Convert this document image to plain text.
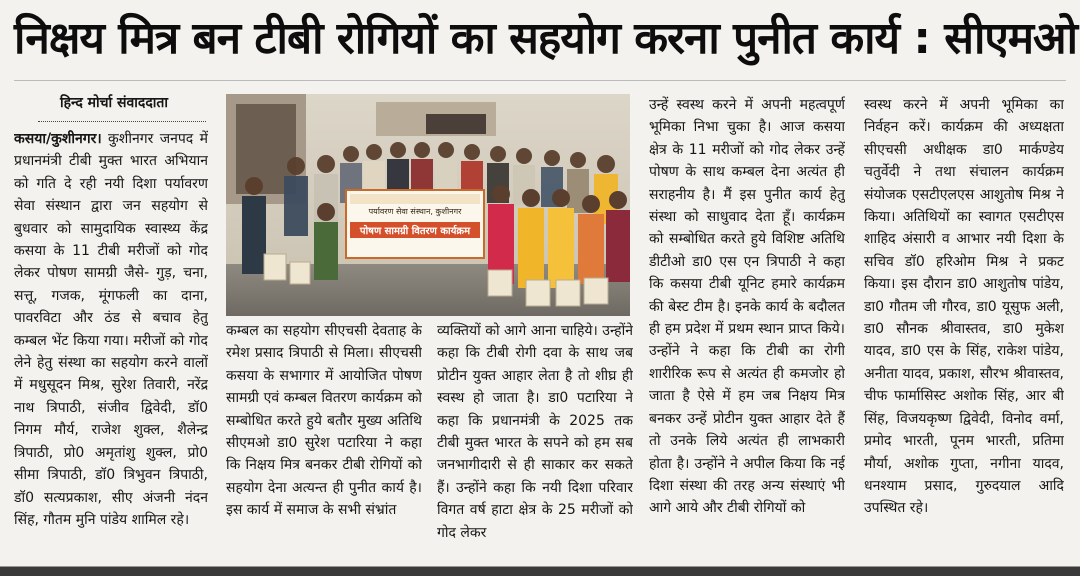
निक्षय मित्र बन टीबी रोगियों का सहयोग करना पुनीत कार्य : सीएमओ
हिन्द मोर्चा संवाददाता

कसया/कुशीनगर। कुशीनगर जनपद में प्रधानमंत्री टीबी मुक्त भारत अभियान को गति दे रही नयी दिशा पर्यावरण सेवा संस्थान द्वारा जन सहयोग से बुधवार को सामुदायिक स्वास्थ्य केंद्र कसया के 11 टीबी मरीजों को गोद लेकर पोषण सामग्री जैसे- गुड़, चना, सत्तू, गजक, मूंगफली का दाना, पावरविटा और ठंड से बचाव हेतु कम्बल भेंट किया गया। मरीजों को गोद लेने हेतु संस्था का सहयोग करने वालों में मधुसूदन मिश्र, सुरेश तिवारी, नरेंद्र नाथ त्रिपाठी, संजीव द्विवेदी, डॉ0 निगम मौर्य, राजेश शुक्ल, शैलेन्द्र त्रिपाठी, प्रो0 अमृतांशु शुक्ल, प्रो0 सीमा त्रिपाठी, डॉ0 त्रिभुवन त्रिपाठी, डॉ0 सत्यप्रकाश, सीए अंजनी नंदन सिंह, गौतम मुनि पांडेय शामिल रहे।

पर्यावरण सेवा संस्थान, कुशीनगर
पोषण सामग्री वितरण कार्यक्रम

कम्बल का सहयोग सीएचसी देवताह के रमेश प्रसाद त्रिपाठी से मिला। सीएचसी कसया के सभागार में आयोजित पोषण सामग्री एवं कम्बल वितरण कार्यक्रम को सम्बोधित करते हुये बतौर मुख्य अतिथि सीएमओ डा0 सुरेश पटारिया ने कहा कि निक्षय मित्र बनकर टीबी रोगियों को सहयोग देना अत्यन्त ही पुनीत कार्य है। इस कार्य में समाज के सभी संभ्रांत

व्यक्तियों को आगे आना चाहिये। उन्होंने कहा कि टीबी रोगी दवा के साथ जब प्रोटीन युक्त आहार लेता है तो शीघ्र ही स्वस्थ हो जाता है। डा0 पटारिया ने कहा कि प्रधानमंत्री के 2025 तक टीबी मुक्त भारत के सपने को हम सब जनभागीदारी से ही साकार कर सकते हैं। उन्होंने कहा कि नयी दिशा परिवार विगत वर्ष हाटा क्षेत्र के 25 मरीजों को गोद लेकर

उन्हें स्वस्थ करने में अपनी महत्वपूर्ण भूमिका निभा चुका है। आज कसया क्षेत्र के 11 मरीजों को गोद लेकर उन्हें पोषण के साथ कम्बल देना अत्यंत ही सराहनीय है। मैं इस पुनीत कार्य हेतु संस्था को साधुवाद देता हूँ। कार्यक्रम को सम्बोधित करते हुये विशिष्ट अतिथि डीटीओ डा0 एस एन त्रिपाठी ने कहा कि कसया टीबी यूनिट हमारे कार्यक्रम की बेस्ट टीम है। इनके कार्य के बदौलत ही हम प्रदेश में प्रथम स्थान प्राप्त किये। उन्होंने ने कहा कि टीबी का रोगी शारीरिक रूप से अत्यंत ही कमजोर हो जाता है ऐसे में हम जब निक्षय मित्र बनकर उन्हें प्रोटीन युक्त आहार देते हैं तो उनके लिये अत्यंत ही लाभकारी होता है। उन्होंने ने अपील किया कि नई दिशा संस्था की तरह अन्य संस्थाएं भी आगे आये और टीबी रोगियों को

स्वस्थ करने में अपनी भूमिका का निर्वहन करें। कार्यक्रम की अध्यक्षता सीएचसी अधीक्षक डा0 मार्कण्डेय चतुर्वेदी ने तथा संचालन कार्यक्रम संयोजक एसटीएलएस आशुतोष मिश्र ने किया। अतिथियों का स्वागत एसटीएस शाहिद अंसारी व आभार नयी दिशा के सचिव डॉ0 हरिओम मिश्र ने प्रकट किया। इस दौरान डा0 आशुतोष पांडेय, डा0 गौतम जी गौरव, डा0 यूसुफ अली, डा0 सौनक श्रीवास्तव, डा0 मुकेश यादव, डा0 एस के सिंह, राकेश पांडेय, अनीता यादव, प्रकाश, सौरभ श्रीवास्तव, चीफ फार्मासिस्ट अशोक सिंह, आर बी सिंह, विजयकृष्ण द्विवेदी, विनोद वर्मा, प्रमोद भारती, पूनम भारती, प्रतिमा मौर्या, अशोक गुप्ता, नगीना यादव, धनश्याम प्रसाद, गुरुदयाल आदि उपस्थित रहे।
